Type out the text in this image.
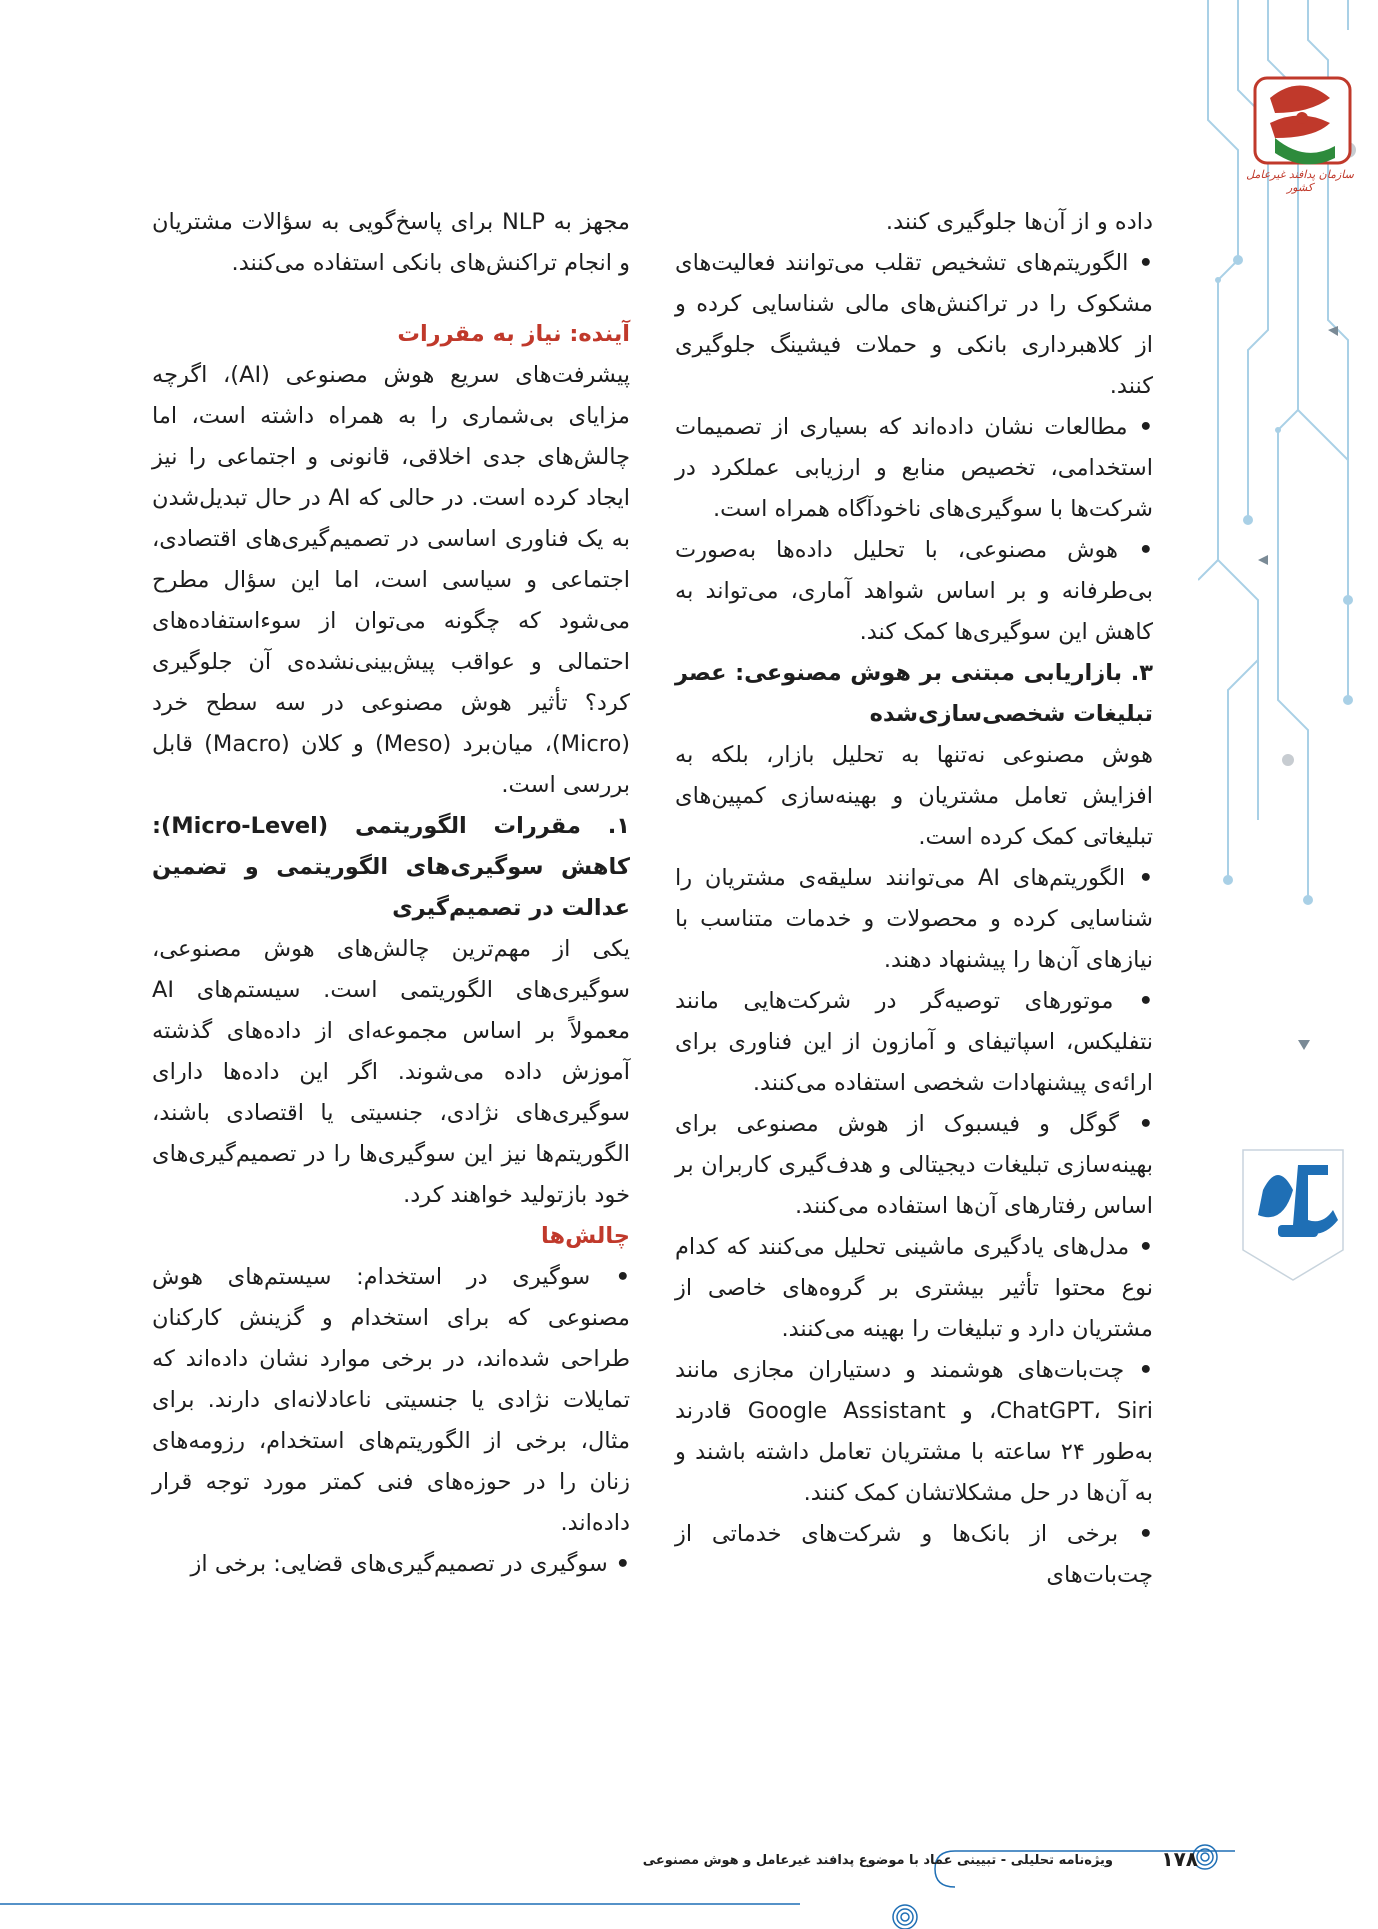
سازمان پدافند غیرعامل کشور

داده و از آن‌ها جلوگیری کنند.

• الگوریتم‌های تشخیص تقلب می‌توانند فعالیت‌های مشکوک را در تراکنش‌های مالی شناسایی کرده و از کلاهبرداری بانکی و حملات فیشینگ جلوگیری کنند.

• مطالعات نشان داده‌اند که بسیاری از تصمیمات استخدامی، تخصیص منابع و ارزیابی عملکرد در شرکت‌ها با سوگیری‌های ناخودآگاه همراه است.

• هوش مصنوعی، با تحلیل داده‌ها به‌صورت بی‌طرفانه و بر اساس شواهد آماری، می‌تواند به کاهش این سوگیری‌ها کمک کند.

۳. بازاریابی مبتنی بر هوش مصنوعی: عصر تبلیغات شخصی‌سازی‌شده

هوش مصنوعی نه‌تنها به تحلیل بازار، بلکه به افزایش تعامل مشتریان و بهینه‌سازی کمپین‌های تبلیغاتی کمک کرده است.

• الگوریتم‌های AI می‌توانند سلیقه‌ی مشتریان را شناسایی کرده و محصولات و خدمات متناسب با نیازهای آن‌ها را پیشنهاد دهند.

• موتورهای توصیه‌گر در شرکت‌هایی مانند نتفلیکس، اسپاتیفای و آمازون از این فناوری برای ارائه‌ی پیشنهادات شخصی استفاده می‌کنند.

• گوگل و فیسبوک از هوش مصنوعی برای بهینه‌سازی تبلیغات دیجیتالی و هدف‌گیری کاربران بر اساس رفتارهای آن‌ها استفاده می‌کنند.

• مدل‌های یادگیری ماشینی تحلیل می‌کنند که کدام نوع محتوا تأثیر بیشتری بر گروه‌های خاصی از مشتریان دارد و تبلیغات را بهینه می‌کنند.

• چت‌بات‌های هوشمند و دستیاران مجازی مانند ChatGPT، Siri، و Google Assistant قادرند به‌طور ۲۴ ساعته با مشتریان تعامل داشته باشند و به آن‌ها در حل مشکلاتشان کمک کنند.

• برخی از بانک‌ها و شرکت‌های خدماتی از چت‌بات‌های

مجهز به NLP برای پاسخ‌گویی به سؤالات مشتریان و انجام تراکنش‌های بانکی استفاده می‌کنند.

آینده: نیاز به مقررات

پیشرفت‌های سریع هوش مصنوعی (AI)، اگرچه مزایای بی‌شماری را به همراه داشته است، اما چالش‌های جدی اخلاقی، قانونی و اجتماعی را نیز ایجاد کرده است. در حالی که AI در حال تبدیل‌شدن به یک فناوری اساسی در تصمیم‌گیری‌های اقتصادی، اجتماعی و سیاسی است، اما این سؤال مطرح می‌شود که چگونه می‌توان از سوءاستفاده‌های احتمالی و عواقب پیش‌بینی‌نشده‌ی آن جلوگیری کرد؟ تأثیر هوش مصنوعی در سه سطح خرد (Micro)، میان‌برد (Meso) و کلان (Macro) قابل بررسی است.

۱. مقررات الگوریتمی (Micro-Level): کاهش سوگیری‌های الگوریتمی و تضمین عدالت در تصمیم‌گیری

یکی از مهم‌ترین چالش‌های هوش مصنوعی، سوگیری‌های الگوریتمی است. سیستم‌های AI معمولاً بر اساس مجموعه‌ای از داده‌های گذشته آموزش داده می‌شوند. اگر این داده‌ها دارای سوگیری‌های نژادی، جنسیتی یا اقتصادی باشند، الگوریتم‌ها نیز این سوگیری‌ها را در تصمیم‌گیری‌های خود بازتولید خواهند کرد.

چالش‌ها

• سوگیری در استخدام: سیستم‌های هوش مصنوعی که برای استخدام و گزینش کارکنان طراحی شده‌اند، در برخی موارد نشان داده‌اند که تمایلات نژادی یا جنسیتی ناعادلانه‌ای دارند. برای مثال، برخی از الگوریتم‌های استخدام، رزومه‌های زنان را در حوزه‌های فنی کمتر مورد توجه قرار داده‌اند.

• سوگیری در تصمیم‌گیری‌های قضایی: برخی از

ویژه‌نامه تحلیلی - تبیینی عماد با موضوع پدافند غیرعامل و هوش مصنوعی ۱۷۸
